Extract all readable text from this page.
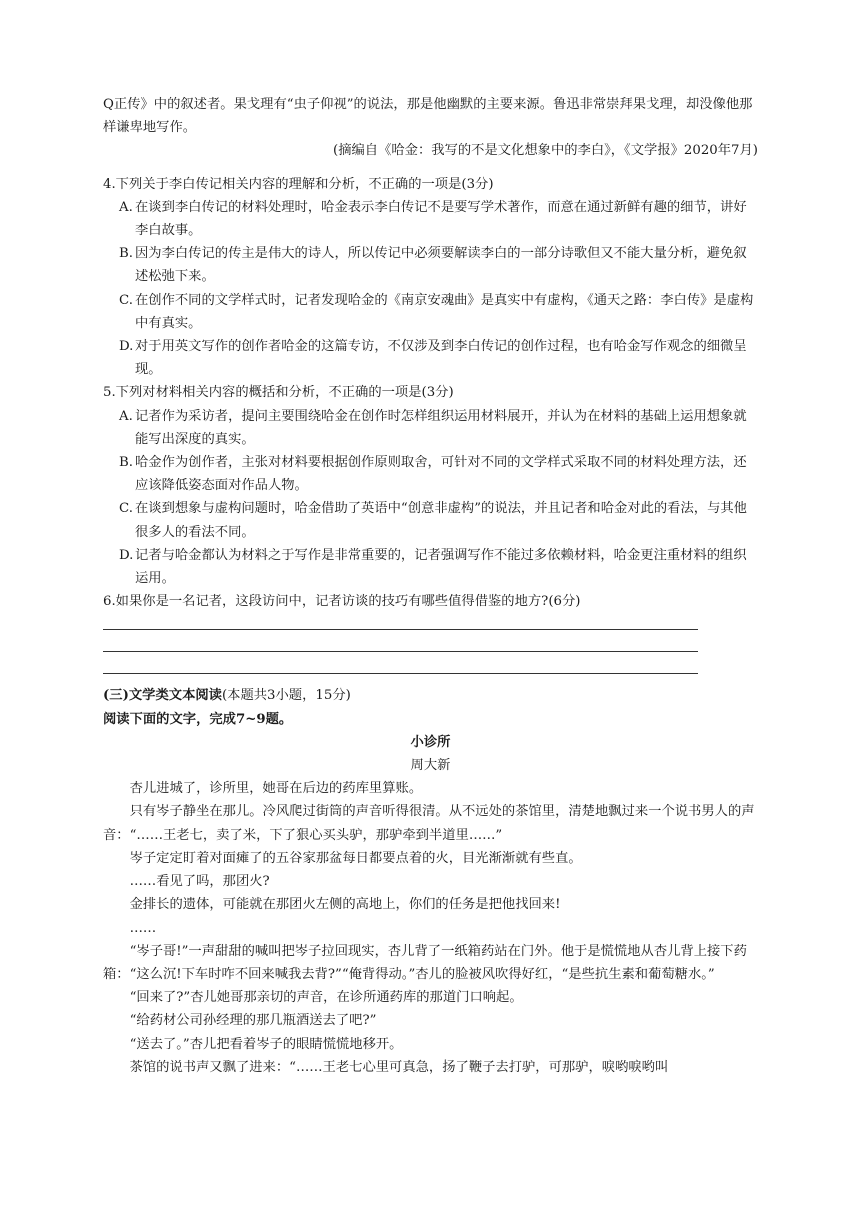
Q正传》中的叙述者。果戈理有“虫子仰视”的说法，那是他幽默的主要来源。鲁迅非常崇拜果戈理，却没像他那样谦卑地写作。

(摘编自《哈金：我写的不是文化想象中的李白》，《文学报》2020年7月)

4.下列关于李白传记相关内容的理解和分析，不正确的一项是(3分)

A. 在谈到李白传记的材料处理时，哈金表示李白传记不是要写学术著作，而意在通过新鲜有趣的细节，讲好李白故事。
B. 因为李白传记的传主是伟大的诗人，所以传记中必须要解读李白的一部分诗歌但又不能大量分析，避免叙述松弛下来。
C. 在创作不同的文学样式时，记者发现哈金的《南京安魂曲》是真实中有虚构，《通天之路：李白传》是虚构中有真实。
D. 对于用英文写作的创作者哈金的这篇专访，不仅涉及到李白传记的创作过程，也有哈金写作观念的细微呈现。

5.下列对材料相关内容的概括和分析，不正确的一项是(3分)

A. 记者作为采访者，提问主要围绕哈金在创作时怎样组织运用材料展开，并认为在材料的基础上运用想象就能写出深度的真实。
B. 哈金作为创作者，主张对材料要根据创作原则取舍，可针对不同的文学样式采取不同的材料处理方法，还应该降低姿态面对作品人物。
C. 在谈到想象与虚构问题时，哈金借助了英语中“创意非虚构”的说法，并且记者和哈金对此的看法，与其他很多人的看法不同。
D. 记者与哈金都认为材料之于写作是非常重要的，记者强调写作不能过多依赖材料，哈金更注重材料的组织运用。

6.如果你是一名记者，这段访问中，记者访谈的技巧有哪些值得借鉴的地方?(6分)

(三)文学类文本阅读(本题共3小题，15分)

阅读下面的文字，完成7~9题。

小诊所

周大新

杏儿进城了，诊所里，她哥在后边的药库里算账。

只有岑子静坐在那儿。冷风爬过街筒的声音听得很清。从不远处的茶馆里，清楚地飘过来一个说书男人的声音：“……王老七，卖了米，下了狠心买头驴，那驴牵到半道里……”

岑子定定盯着对面瘫了的五谷家那盆每日都要点着的火，目光渐渐就有些直。

……看见了吗，那团火?

金排长的遗体，可能就在那团火左侧的高地上，你们的任务是把他找回来!

……

“岑子哥!”一声甜甜的喊叫把岑子拉回现实，杏儿背了一纸箱药站在门外。他于是慌慌地从杏儿背上接下药箱：“这么沉!下车时咋不回来喊我去背?”“俺背得动。”杏儿的脸被风吹得好红，“是些抗生素和葡萄糖水。”

“回来了?”杏儿她哥那亲切的声音，在诊所通药库的那道门口响起。

“给药材公司孙经理的那几瓶酒送去了吧?”

“送去了。”杏儿把看着岑子的眼睛慌慌地移开。

茶馆的说书声又飘了进来：“……王老七心里可真急，扬了鞭子去打驴，可那驴，唳哟唳哟叫
